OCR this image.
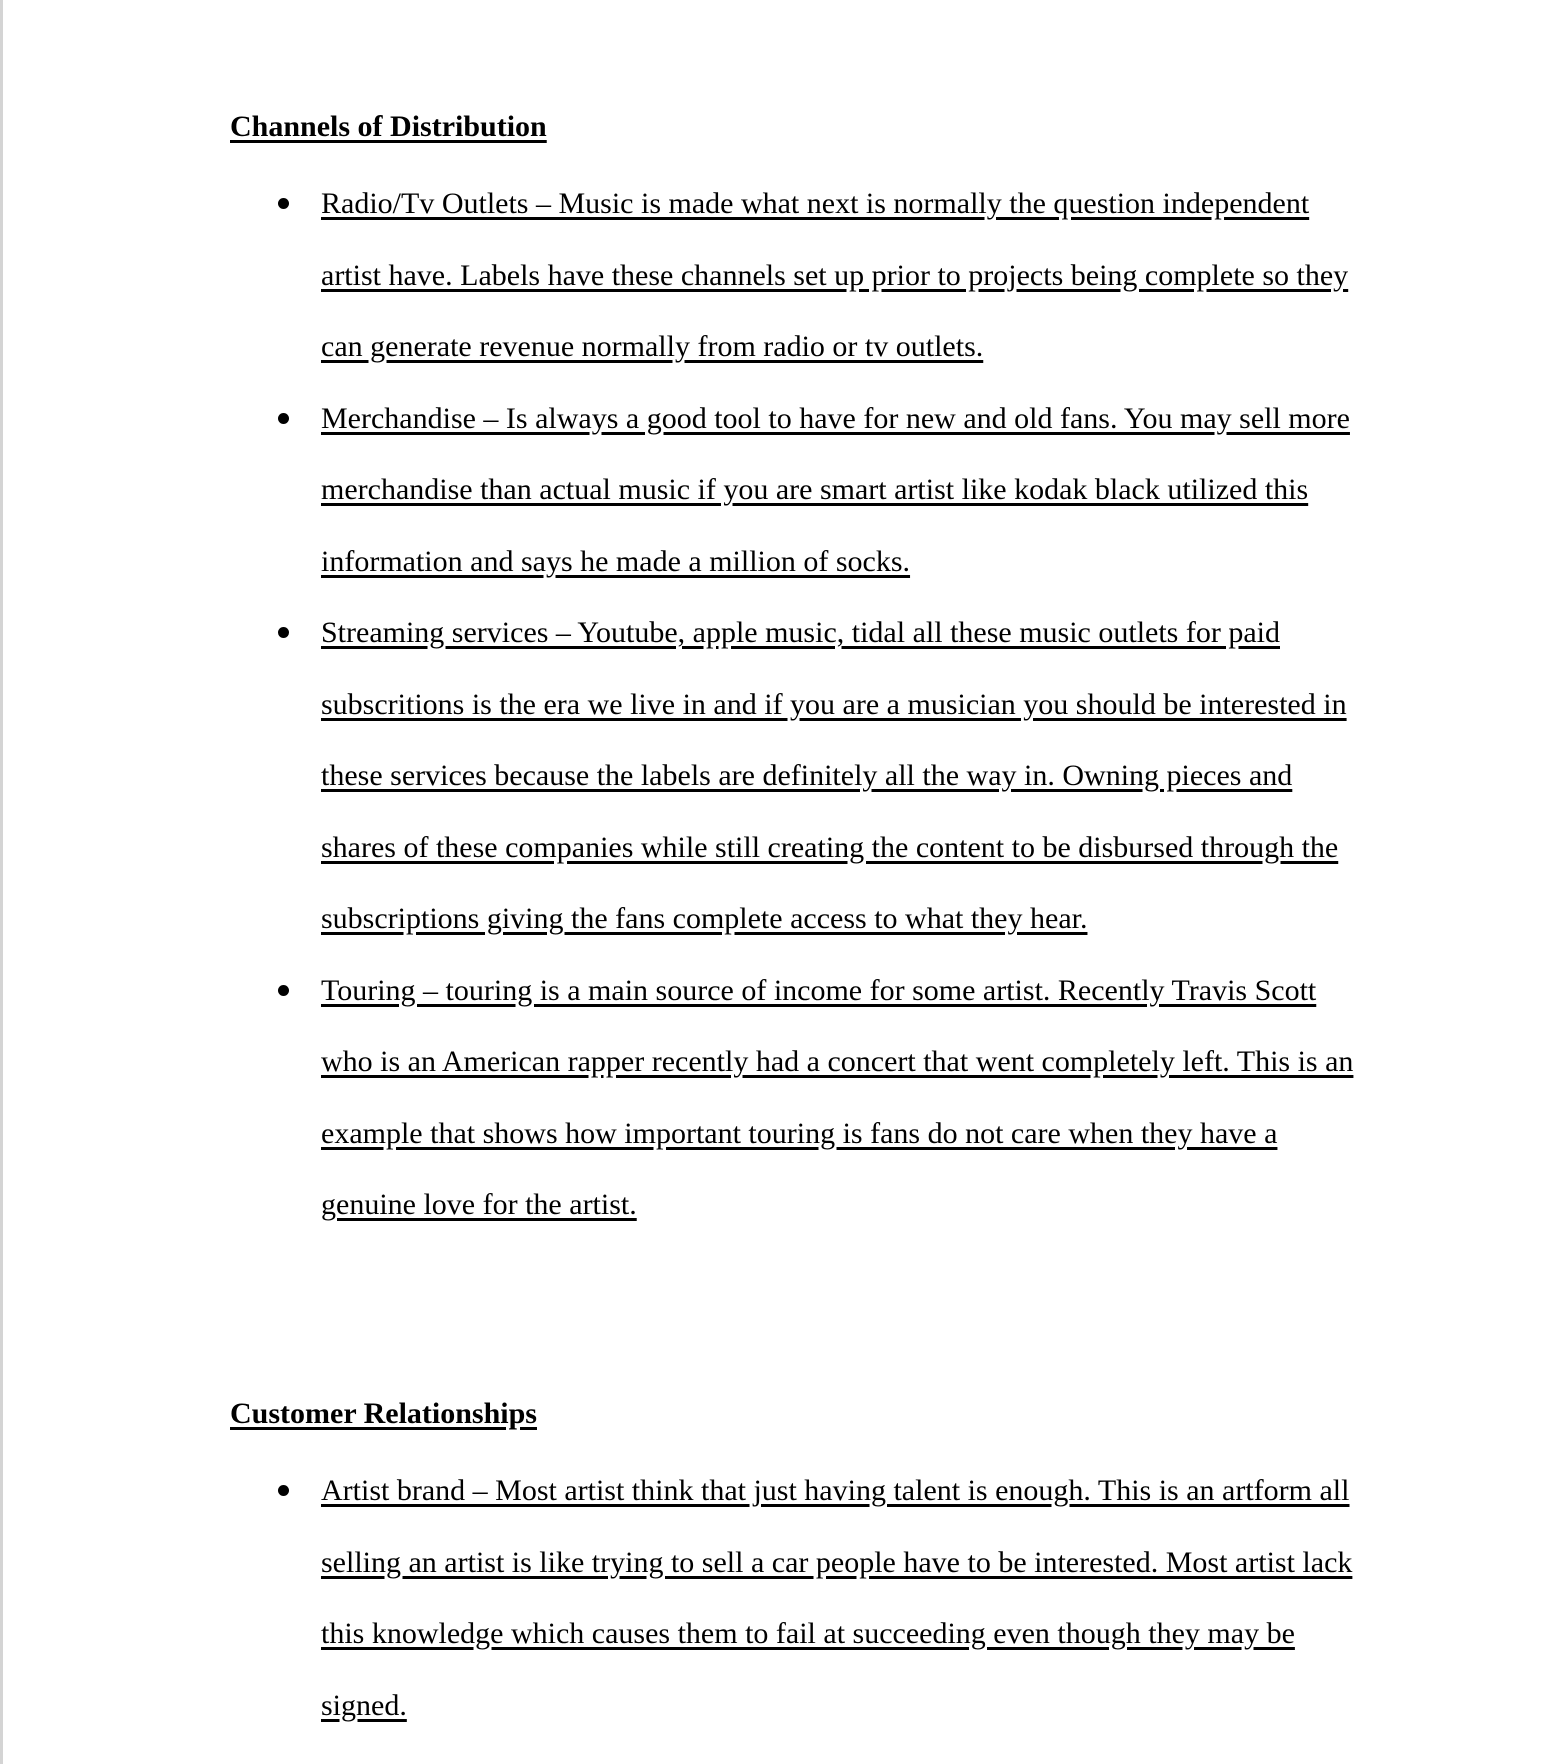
Channels of Distribution
Radio/Tv Outlets – Music is made what next is normally the question independent artist have. Labels have these channels set up prior to projects being complete so they can generate revenue normally from radio or tv outlets.
Merchandise – Is always a good tool to have for new and old fans. You may sell more merchandise than actual music if you are smart artist like kodak black utilized this information and says he made a million of socks.
Streaming services – Youtube, apple music, tidal all these music outlets for paid subscritions is the era we live in and if you are a musician you should be interested in these services because the labels are definitely all the way in. Owning pieces and shares of these companies while still creating the content to be disbursed through the subscriptions giving the fans complete access to what they hear.
Touring – touring is a main source of income for some artist. Recently Travis Scott who is an American rapper recently had a concert that went completely left. This is an example that shows how important touring is fans do not care when they have a genuine love for the artist.
Customer Relationships
Artist brand – Most artist think that just having talent is enough. This is an artform all selling an artist is like trying to sell a car people have to be interested. Most artist lack this knowledge which causes them to fail at succeeding even though they may be signed.
